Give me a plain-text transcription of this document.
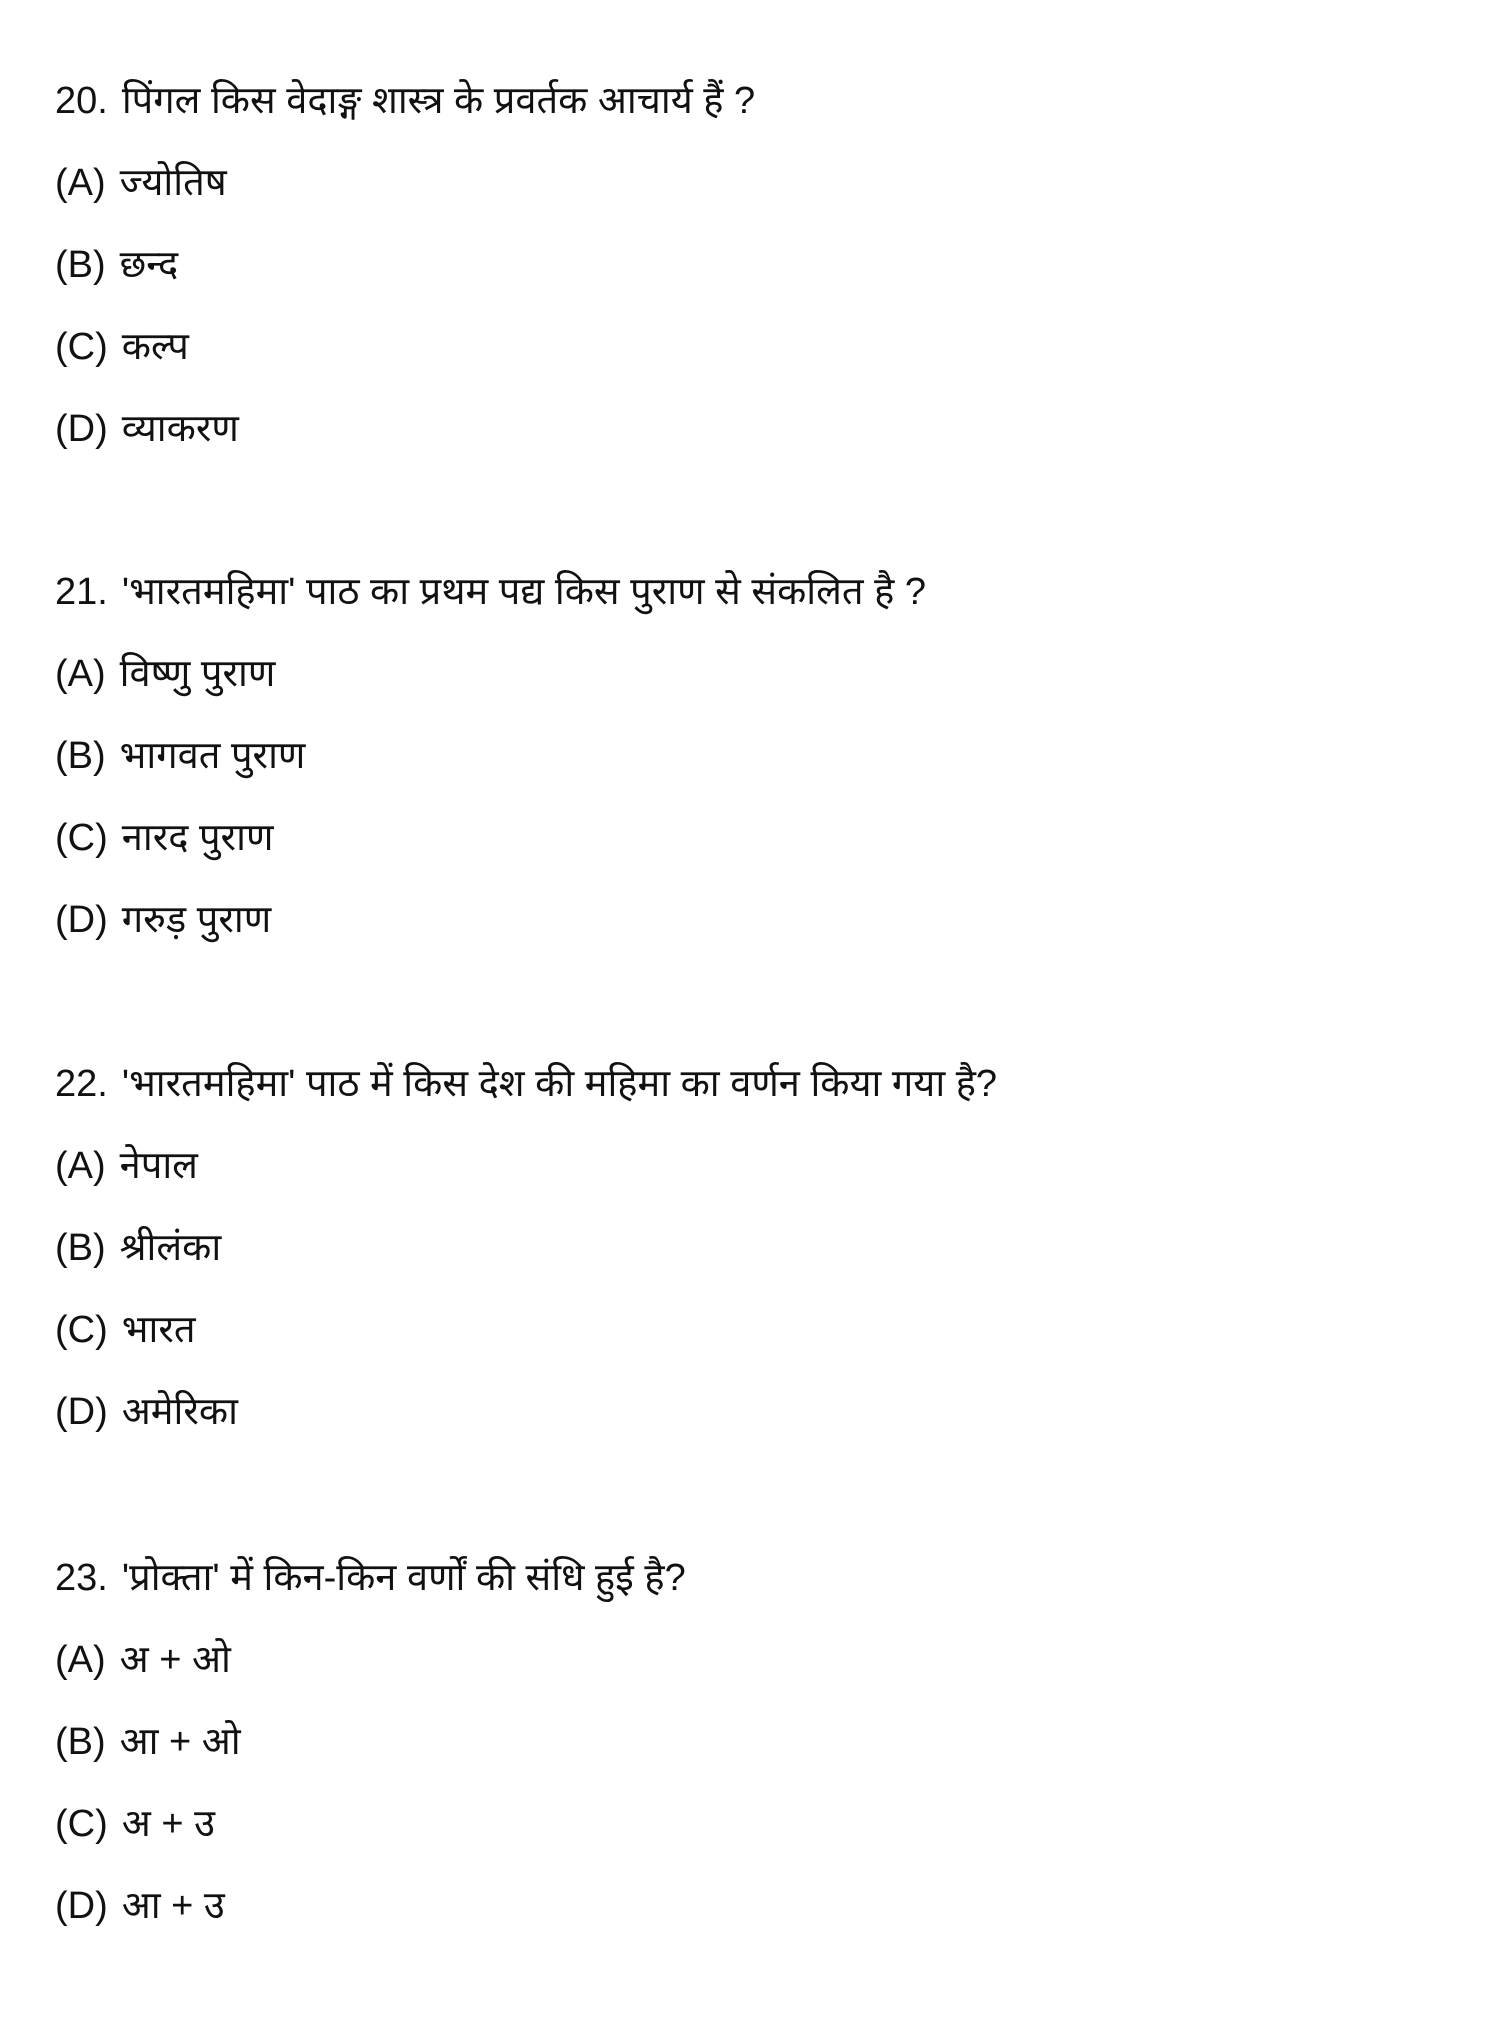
20. पिंगल किस वेदाङ्ग शास्त्र के प्रवर्तक आचार्य हैं ?
(A) ज्योतिष
(B) छन्द
(C) कल्प
(D) व्याकरण
21. 'भारतमहिमा' पाठ का प्रथम पद्य किस पुराण से संकलित है ?
(A) विष्णु पुराण
(B) भागवत पुराण
(C) नारद पुराण
(D) गरुड़ पुराण
22. 'भारतमहिमा' पाठ में किस देश की महिमा का वर्णन किया गया है?
(A) नेपाल
(B) श्रीलंका
(C) भारत
(D) अमेरिका
23. 'प्रोक्ता' में किन-किन वर्णों की संधि हुई है?
(A) अ + ओ
(B) आ + ओ
(C) अ + उ
(D) आ + उ
